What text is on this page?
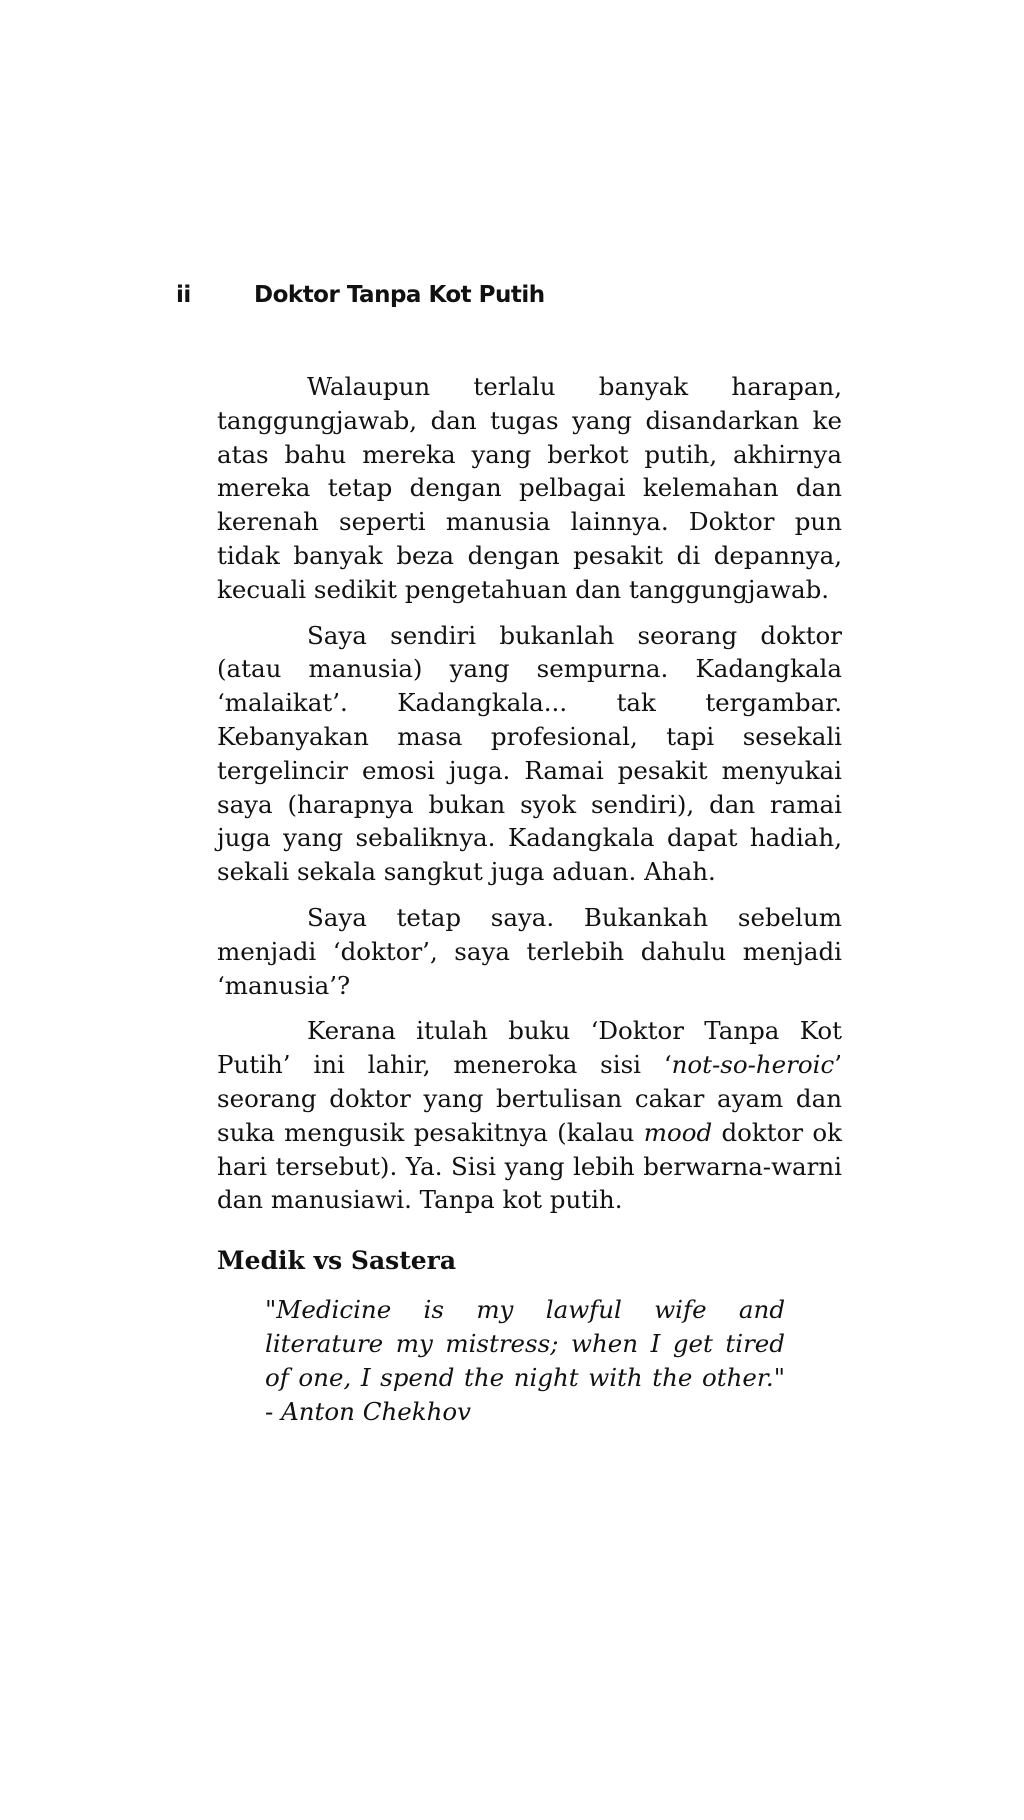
ii	Doktor Tanpa Kot Putih

Walaupun terlalu banyak harapan, tanggungjawab, dan tugas yang disandarkan ke atas bahu mereka yang berkot putih, akhirnya mereka tetap dengan pelbagai kelemahan dan kerenah seperti manusia lainnya. Doktor pun tidak banyak beza dengan pesakit di depannya, kecuali sedikit pengetahuan dan tanggungjawab.

Saya sendiri bukanlah seorang doktor (atau manusia) yang sempurna. Kadangkala ‘malaikat’. Kadangkala... tak tergambar. Kebanyakan masa profesional, tapi sesekali tergelincir emosi juga. Ramai pesakit menyukai saya (harapnya bukan syok sendiri), dan ramai juga yang sebaliknya. Kadangkala dapat hadiah, sekali sekala sangkut juga aduan. Ahah.

Saya tetap saya. Bukankah sebelum menjadi ‘doktor’, saya terlebih dahulu menjadi ‘manusia’?

Kerana itulah buku ‘Doktor Tanpa Kot Putih’ ini lahir, meneroka sisi ‘not-so-heroic’ seorang doktor yang bertulisan cakar ayam dan suka mengusik pesakitnya (kalau mood doktor ok hari tersebut). Ya. Sisi yang lebih berwarna-warni dan manusiawi. Tanpa kot putih.

Medik vs Sastera

"Medicine is my lawful wife and literature my mistress; when I get tired of one, I spend the night with the other." - Anton Chekhov
